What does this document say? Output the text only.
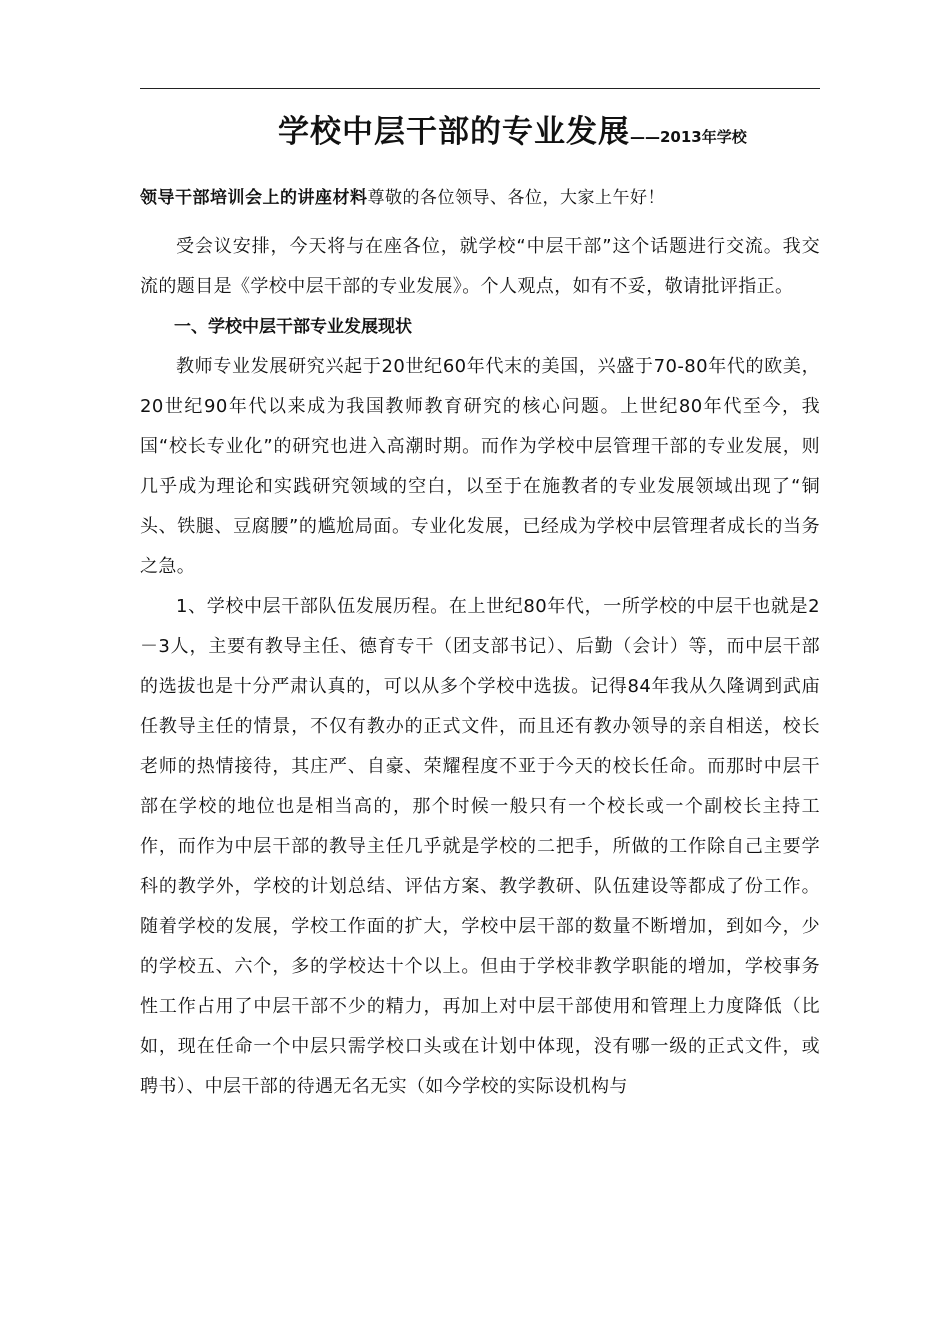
学校中层干部的专业发展——2013年学校
领导干部培训会上的讲座材料尊敬的各位领导、各位，大家上午好！

受会议安排，今天将与在座各位，就学校“中层干部”这个话题进行交流。我交流的题目是《学校中层干部的专业发展》。个人观点，如有不妥，敬请批评指正。

一、学校中层干部专业发展现状

教师专业发展研究兴起于20世纪60年代末的美国，兴盛于70-80年代的欧美，20世纪90年代以来成为我国教师教育研究的核心问题。上世纪80年代至今，我国“校长专业化”的研究也进入高潮时期。而作为学校中层管理干部的专业发展，则几乎成为理论和实践研究领域的空白，以至于在施教者的专业发展领域出现了“铜头、铁腿、豆腐腰”的尴尬局面。专业化发展，已经成为学校中层管理者成长的当务之急。

1、学校中层干部队伍发展历程。在上世纪80年代，一所学校的中层干也就是2－3人，主要有教导主任、德育专干（团支部书记）、后勤（会计）等，而中层干部的选拔也是十分严肃认真的，可以从多个学校中选拔。记得84年我从久隆调到武庙任教导主任的情景，不仅有教办的正式文件，而且还有教办领导的亲自相送，校长老师的热情接待，其庄严、自豪、荣耀程度不亚于今天的校长任命。而那时中层干部在学校的地位也是相当高的，那个时候一般只有一个校长或一个副校长主持工作，而作为中层干部的教导主任几乎就是学校的二把手，所做的工作除自己主要学科的教学外，学校的计划总结、评估方案、教学教研、队伍建设等都成了份工作。随着学校的发展，学校工作面的扩大，学校中层干部的数量不断增加，到如今，少的学校五、六个，多的学校达十个以上。但由于学校非教学职能的增加，学校事务性工作占用了中层干部不少的精力，再加上对中层干部使用和管理上力度降低（比如，现在任命一个中层只需学校口头或在计划中体现，没有哪一级的正式文件，或聘书）、中层干部的待遇无名无实（如今学校的实际设机构与
